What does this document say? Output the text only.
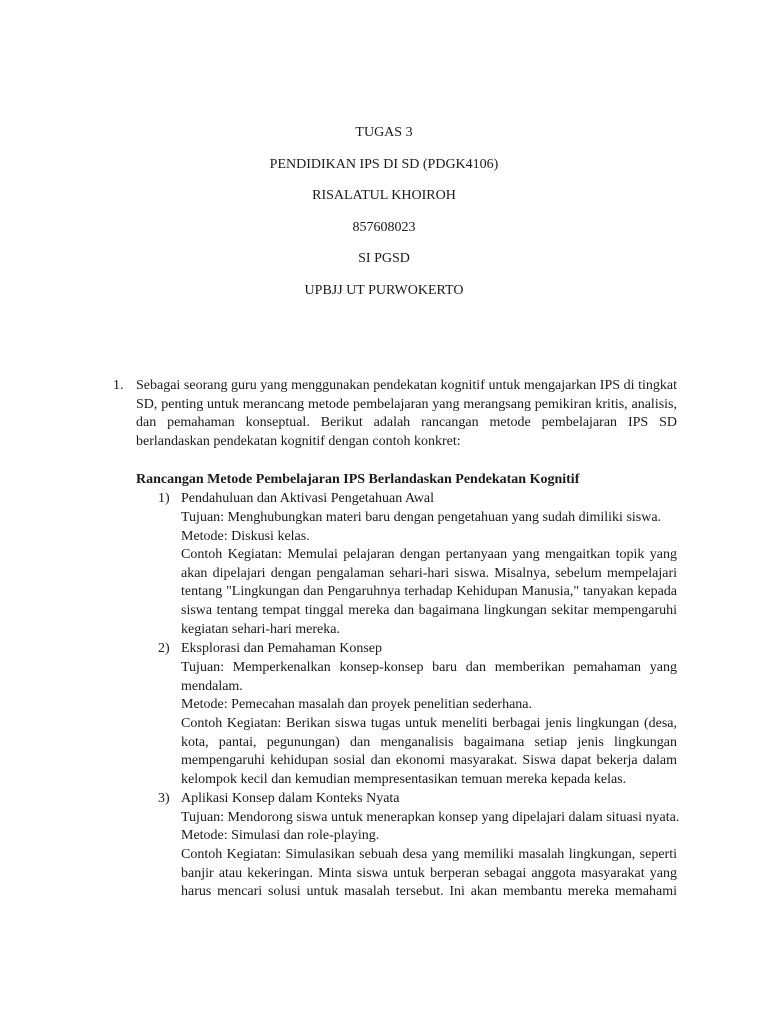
TUGAS 3
PENDIDIKAN IPS DI SD (PDGK4106)
RISALATUL KHOIROH
857608023
SI PGSD
UPBJJ UT PURWOKERTO
1. Sebagai seorang guru yang menggunakan pendekatan kognitif untuk mengajarkan IPS di tingkat SD, penting untuk merancang metode pembelajaran yang merangsang pemikiran kritis, analisis, dan pemahaman konseptual. Berikut adalah rancangan metode pembelajaran IPS SD berlandaskan pendekatan kognitif dengan contoh konkret:
Rancangan Metode Pembelajaran IPS Berlandaskan Pendekatan Kognitif
1) Pendahuluan dan Aktivasi Pengetahuan Awal
Tujuan: Menghubungkan materi baru dengan pengetahuan yang sudah dimiliki siswa.
Metode: Diskusi kelas.
Contoh Kegiatan: Memulai pelajaran dengan pertanyaan yang mengaitkan topik yang akan dipelajari dengan pengalaman sehari-hari siswa. Misalnya, sebelum mempelajari tentang "Lingkungan dan Pengaruhnya terhadap Kehidupan Manusia," tanyakan kepada siswa tentang tempat tinggal mereka dan bagaimana lingkungan sekitar mempengaruhi kegiatan sehari-hari mereka.
2) Eksplorasi dan Pemahaman Konsep
Tujuan: Memperkenalkan konsep-konsep baru dan memberikan pemahaman yang mendalam.
Metode: Pemecahan masalah dan proyek penelitian sederhana.
Contoh Kegiatan: Berikan siswa tugas untuk meneliti berbagai jenis lingkungan (desa, kota, pantai, pegunungan) dan menganalisis bagaimana setiap jenis lingkungan mempengaruhi kehidupan sosial dan ekonomi masyarakat. Siswa dapat bekerja dalam kelompok kecil dan kemudian mempresentasikan temuan mereka kepada kelas.
3) Aplikasi Konsep dalam Konteks Nyata
Tujuan: Mendorong siswa untuk menerapkan konsep yang dipelajari dalam situasi nyata.
Metode: Simulasi dan role-playing.
Contoh Kegiatan: Simulasikan sebuah desa yang memiliki masalah lingkungan, seperti banjir atau kekeringan. Minta siswa untuk berperan sebagai anggota masyarakat yang harus mencari solusi untuk masalah tersebut. Ini akan membantu mereka memahami
